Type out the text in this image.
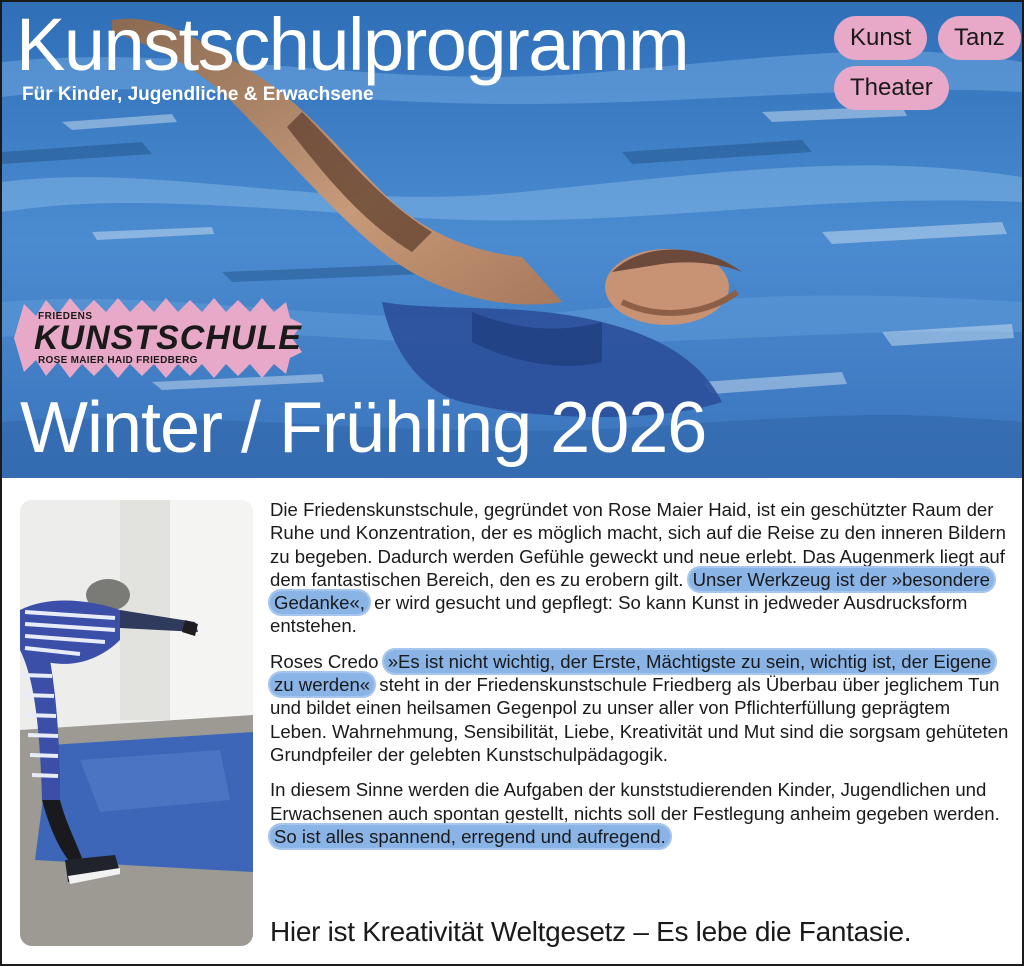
Kunstschulprogramm
Für Kinder, Jugendliche & Erwachsene
Kunst	Tanz
Theater
FRIEDENS
KUNSTSCHULE
ROSE MAIER HAID FRIEDBERG
Winter / Frühling 2026

Die Friedenskunstschule, gegründet von Rose Maier Haid, ist ein geschützter Raum der Ruhe und Konzentration, der es möglich macht, sich auf die Reise zu den inneren Bildern zu begeben. Dadurch werden Gefühle geweckt und neue erlebt. Das Augenmerk liegt auf dem fantastischen Bereich, den es zu erobern gilt. Unser Werkzeug ist der »besondere Gedanke«, er wird gesucht und gepflegt: So kann Kunst in jedweder Ausdrucksform entstehen.

Roses Credo »Es ist nicht wichtig, der Erste, Mächtigste zu sein, wichtig ist, der Eigene zu werden« steht in der Friedenskunstschule Friedberg als Überbau über jeglichem Tun und bildet einen heilsamen Gegenpol zu unser aller von Pflichterfüllung geprägtem Leben. Wahrnehmung, Sensibilität, Liebe, Kreativität und Mut sind die sorgsam gehüteten Grundpfeiler der gelebten Kunstschulpädagogik.

In diesem Sinne werden die Aufgaben der kunststudierenden Kinder, Jugendlichen und Erwachsenen auch spontan gestellt, nichts soll der Festlegung anheim gegeben werden. So ist alles spannend, erregend und aufregend.

Hier ist Kreativität Weltgesetz – Es lebe die Fantasie.
